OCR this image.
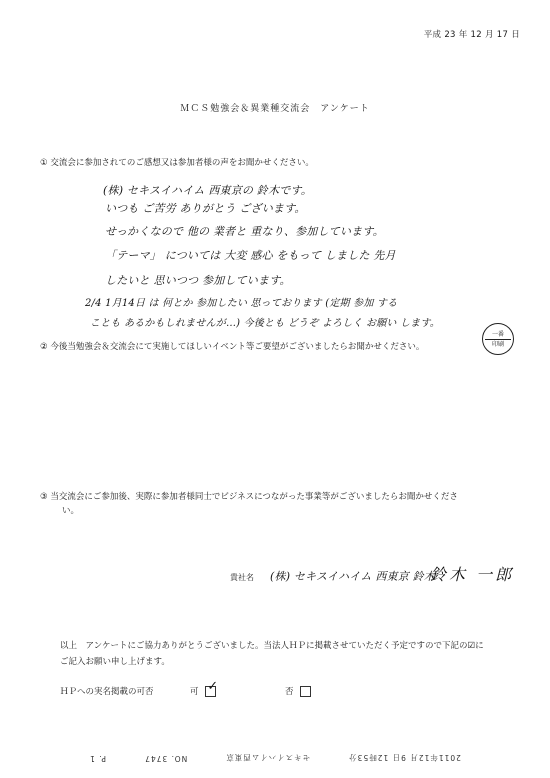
平成 23 年 12 月 17 日
ＭＣＳ勉強会＆異業種交流会　アンケート
① 交流会に参加されてのご感想又は参加者様の声をお聞かせください。
(株) セキスイハイム 西東京の 鈴木です。
いつも ご苦労 ありがとう ございます。
せっかくなので 他の 業者と 重なり、参加しています。
「テーマ」 については 大変 感心 をもって しました 先月
したいと 思いつつ 参加しています。
2/4 1月14日 は 何とか 参加したい 思っております (定期 参加 する
ことも あるかもしれませんが…) 今後とも どうぞ よろしく お願い します。
一番
印刷
② 今後当勉強会＆交流会にて実施してほしいイベント等ご要望がございましたらお聞かせください。
③ 当交流会にご参加後、実際に参加者様同士でビジネスにつながった事業等がございましたらお聞かせくださ
い。
貴社名 (株) セキスイハイム 西東京 鈴木
鈴木 一郎
以上　アンケートにご協力ありがとうございました。当法人ＨＰに掲載させていただく予定ですので下記の☑に
ご記入お願い申し上げます。
ＨＰへの実名掲載の可否	可 ✓	否
2011年12月 9日 12時53分
セキスイハイム西東京
NO. 3747
P. 1
